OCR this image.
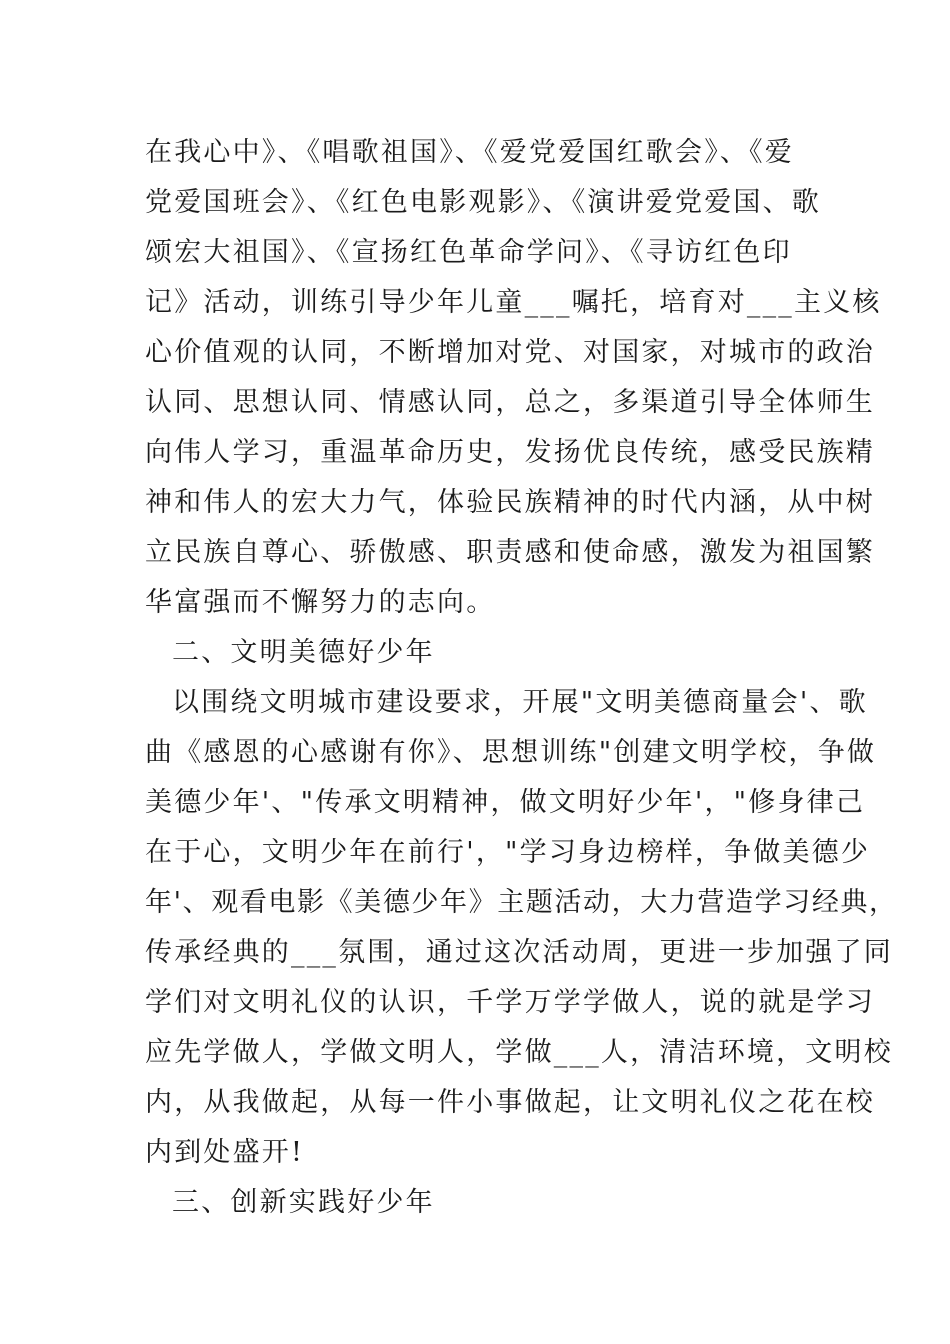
在我心中》、《唱歌祖国》、《爱党爱国红歌会》、《爱
党爱国班会》、《红色电影观影》、《演讲爱党爱国、歌
颂宏大祖国》、《宣扬红色革命学问》、《寻访红色印
记》活动，训练引导少年儿童___嘱托，培育对___主义核
心价值观的认同，不断增加对党、对国家，对城市的政治
认同、思想认同、情感认同，总之，多渠道引导全体师生
向伟人学习，重温革命历史，发扬优良传统，感受民族精
神和伟人的宏大力气，体验民族精神的时代内涵，从中树
立民族自尊心、骄傲感、职责感和使命感，激发为祖国繁
华富强而不懈努力的志向。
二、文明美德好少年
以围绕文明城市建设要求，开展"文明美德商量会'、歌
曲《感恩的心感谢有你》、思想训练"创建文明学校，争做
美德少年'、"传承文明精神，做文明好少年'，"修身律己
在于心，文明少年在前行'，"学习身边榜样，争做美德少
年'、观看电影《美德少年》主题活动，大力营造学习经典，
传承经典的___氛围，通过这次活动周，更进一步加强了同
学们对文明礼仪的认识，千学万学学做人，说的就是学习
应先学做人，学做文明人，学做___人，清洁环境，文明校
内，从我做起，从每一件小事做起，让文明礼仪之花在校
内到处盛开!
三、创新实践好少年
